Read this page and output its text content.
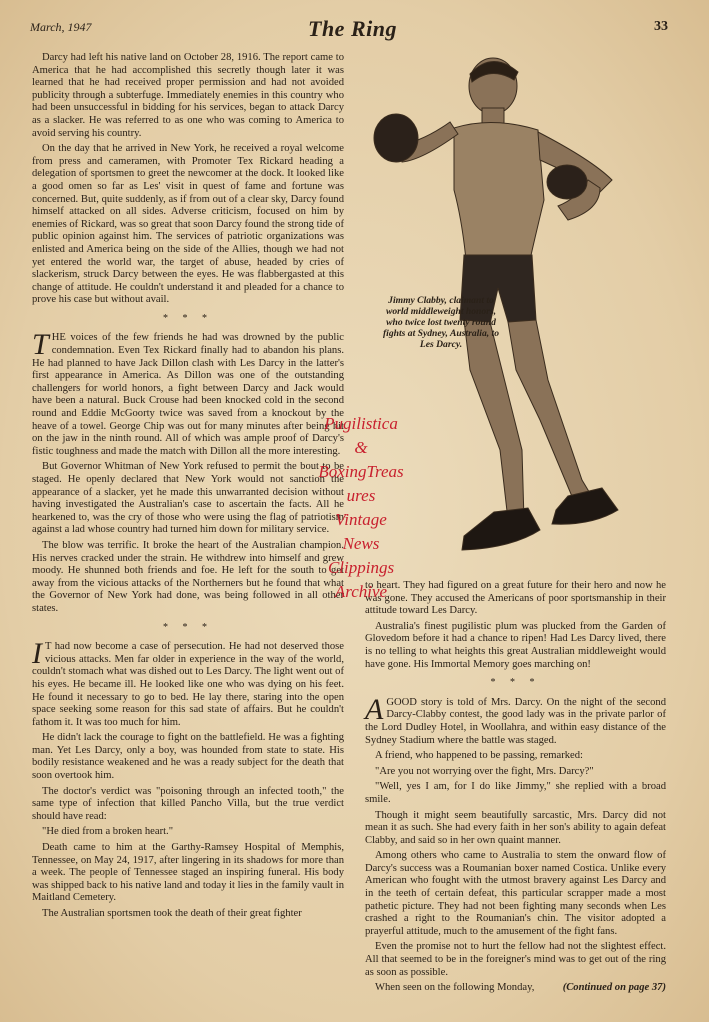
March, 1947	The Ring	33

Darcy had left his native land on October 28, 1916. The report came to America that he had accomplished this secretly though later it was learned that he had received proper permission and had not avoided publicity through a subterfuge. Immediately enemies in this country who had been unsuccessful in bidding for his services, began to attack Darcy as a slacker. He was referred to as one who was coming to America to avoid serving his country.

On the day that he arrived in New York, he received a royal welcome from press and cameramen, with Promoter Tex Rickard heading a delegation of sportsmen to greet the newcomer at the dock. It looked like a good omen so far as Les' visit in quest of fame and fortune was concerned. But, quite suddenly, as if from out of a clear sky, Darcy found himself attacked on all sides. Adverse criticism, focused on him by enemies of Rickard, was so great that soon Darcy found the strong tide of public opinion against him. The services of patriotic organizations was enlisted and America being on the side of the Allies, though we had not yet entered the world war, the target of abuse, headed by cries of slackerism, struck Darcy between the eyes. He was flabbergasted at this change of attitude. He couldn't understand it and pleaded for a chance to prove his case but without avail.

* * *

THE voices of the few friends he had was drowned by the public condemnation. Even Tex Rickard finally had to abandon his plans. He had planned to have Jack Dillon clash with Les Darcy in the latter's first appearance in America. As Dillon was one of the outstanding challengers for world honors, a fight between Darcy and Jack would have been a natural. Buck Crouse had been knocked cold in the second round and Eddie McGoorty twice was saved from a knockout by the heave of a towel. George Chip was out for many minutes after being hit on the jaw in the ninth round. All of which was ample proof of Darcy's fistic toughness and made the match with Dillon all the more interesting.

But Governor Whitman of New York refused to permit the bout to be staged. He openly declared that New York would not sanction the appearance of a slacker, yet he made this unwarranted decision without having investigated the Australian's case to ascertain the facts. All he hearkened to, was the cry of those who were using the flag of patriotism against a lad whose country had turned him down for military service.

The blow was terrific. It broke the heart of the Australian champion. His nerves cracked under the strain. He withdrew into himself and grew moody. He shunned both friends and foe. He left for the south to get away from the vicious attacks of the Northerners but he found that what the Governor of New York had done, was being followed in all other states.

* * *

I T had now become a case of persecution. He had not deserved those vicious attacks. Men far older in experience in the way of the world, couldn't stomach what was dished out to Les Darcy. The light went out of his eyes. He became ill. He looked like one who was dying on his feet. He found it necessary to go to bed. He lay there, staring into the open space seeking some reason for this sad state of affairs. But he couldn't fathom it. It was too much for him.

He didn't lack the courage to fight on the battlefield. He was a fighting man. Yet Les Darcy, only a boy, was hounded from state to state. His bodily resistance weakened and he was a ready subject for the death that soon overtook him.

The doctor's verdict was "poisoning through an infected tooth," the same type of infection that killed Pancho Villa, but the true verdict should have read:

"He died from a broken heart."

Death came to him at the Garthy-Ramsey Hospital of Memphis, Tennessee, on May 24, 1917, after lingering in its shadows for more than a week. The people of Tennessee staged an inspiring funeral. His body was shipped back to his native land and today it lies in the family vault in Maitland Cemetery.

The Australian sportsmen took the death of their great fighter

Jimmy Clabby, claimant to world middleweight honors, who twice lost twenty round fights at Sydney, Australia, to Les Darcy.

to heart. They had figured on a great future for their hero and now he was gone. They accused the Americans of poor sportsmanship in their attitude toward Les Darcy.

Australia's finest pugilistic plum was plucked from the Garden of Glovedom before it had a chance to ripen! Had Les Darcy lived, there is no telling to what heights this great Australian middleweight would have gone. His Immortal Memory goes marching on!

* * *

AGOOD story is told of Mrs. Darcy. On the night of the second Darcy-Clabby contest, the good lady was in the private parlor of the Lord Dudley Hotel, in Woollahra, and within easy distance of the Sydney Stadium where the battle was staged.

A friend, who happened to be passing, remarked:

"Are you not worrying over the fight, Mrs. Darcy?"

"Well, yes I am, for I do like Jimmy," she replied with a broad smile.

Though it might seem beautifully sarcastic, Mrs. Darcy did not mean it as such. She had every faith in her son's ability to again defeat Clabby, and said so in her own quaint manner.

Among others who came to Australia to stem the onward flow of Darcy's success was a Roumanian boxer named Costica. Unlike every American who fought with the utmost bravery against Les Darcy and in the teeth of certain defeat, this particular scrapper made a most pathetic picture. They had not been fighting many seconds when Les crashed a right to the Roumanian's chin. The visitor adopted a prayerful attitude, much to the amusement of the fight fans.

Even the promise not to hurt the fellow had not the slightest effect. All that seemed to be in the foreigner's mind was to get out of the ring as soon as possible.

When seen on the following Monday,	(Continued on page 37)

Pugilistica
&
BoxingTreas
ures
Vintage
News
Clippings
Archive
